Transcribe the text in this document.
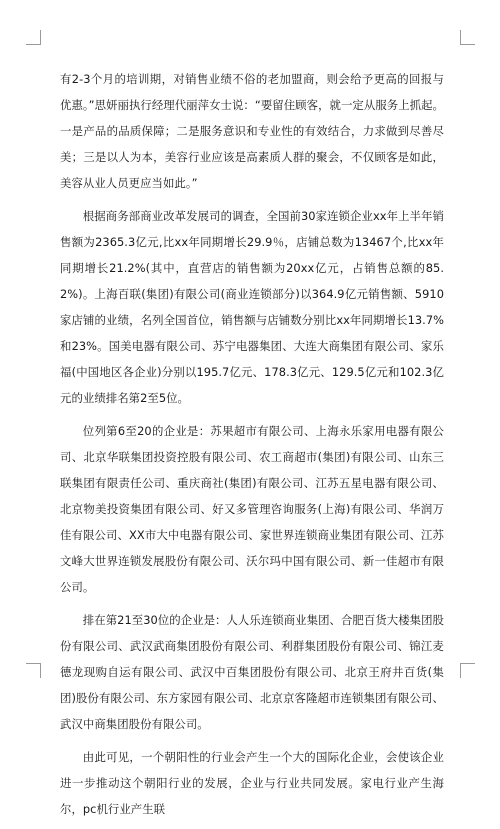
有2-3个月的培训期，对销售业绩不俗的老加盟商，则会给予更高的回报与优惠。”思妍丽执行经理代丽萍女士说：“要留住顾客，就一定从服务上抓起。一是产品的品质保障；二是服务意识和专业性的有效结合，力求做到尽善尽美；三是以人为本，美容行业应该是高素质人群的聚会，不仅顾客是如此，美容从业人员更应当如此。”

根据商务部商业改革发展司的调查，全国前30家连锁企业xx年上半年销售额为2365.3亿元,比xx年同期增长29.9％，店铺总数为13467个,比xx年同期增长21.2%(其中，直营店的销售额为20xx亿元，占销售总额的85.2%)。上海百联(集团)有限公司(商业连锁部分)以364.9亿元销售额、5910家店铺的业绩，名列全国首位，销售额与店铺数分别比xx年同期增长13.7%和23%。国美电器有限公司、苏宁电器集团、大连大商集团有限公司、家乐福(中国地区各企业)分别以195.7亿元、178.3亿元、129.5亿元和102.3亿元的业绩排名第2至5位。

位列第6至20的企业是：苏果超市有限公司、上海永乐家用电器有限公司、北京华联集团投资控股有限公司、农工商超市(集团)有限公司、山东三联集团有限责任公司、重庆商社(集团)有限公司、江苏五星电器有限公司、北京物美投资集团有限公司、好又多管理咨询服务(上海)有限公司、华润万佳有限公司、XX市大中电器有限公司、家世界连锁商业集团有限公司、江苏文峰大世界连锁发展股份有限公司、沃尔玛中国有限公司、新一佳超市有限公司。

排在第21至30位的企业是：人人乐连锁商业集团、合肥百货大楼集团股份有限公司、武汉武商集团股份有限公司、利群集团股份有限公司、锦江麦德龙现购自运有限公司、武汉中百集团股份有限公司、北京王府井百货(集团)股份有限公司、东方家园有限公司、北京京客隆超市连锁集团有限公司、武汉中商集团股份有限公司。

由此可见，一个朝阳性的行业会产生一个大的国际化企业，会使该企业进一步推动这个朝阳行业的发展，企业与行业共同发展。家电行业产生海尔，pc机行业产生联
